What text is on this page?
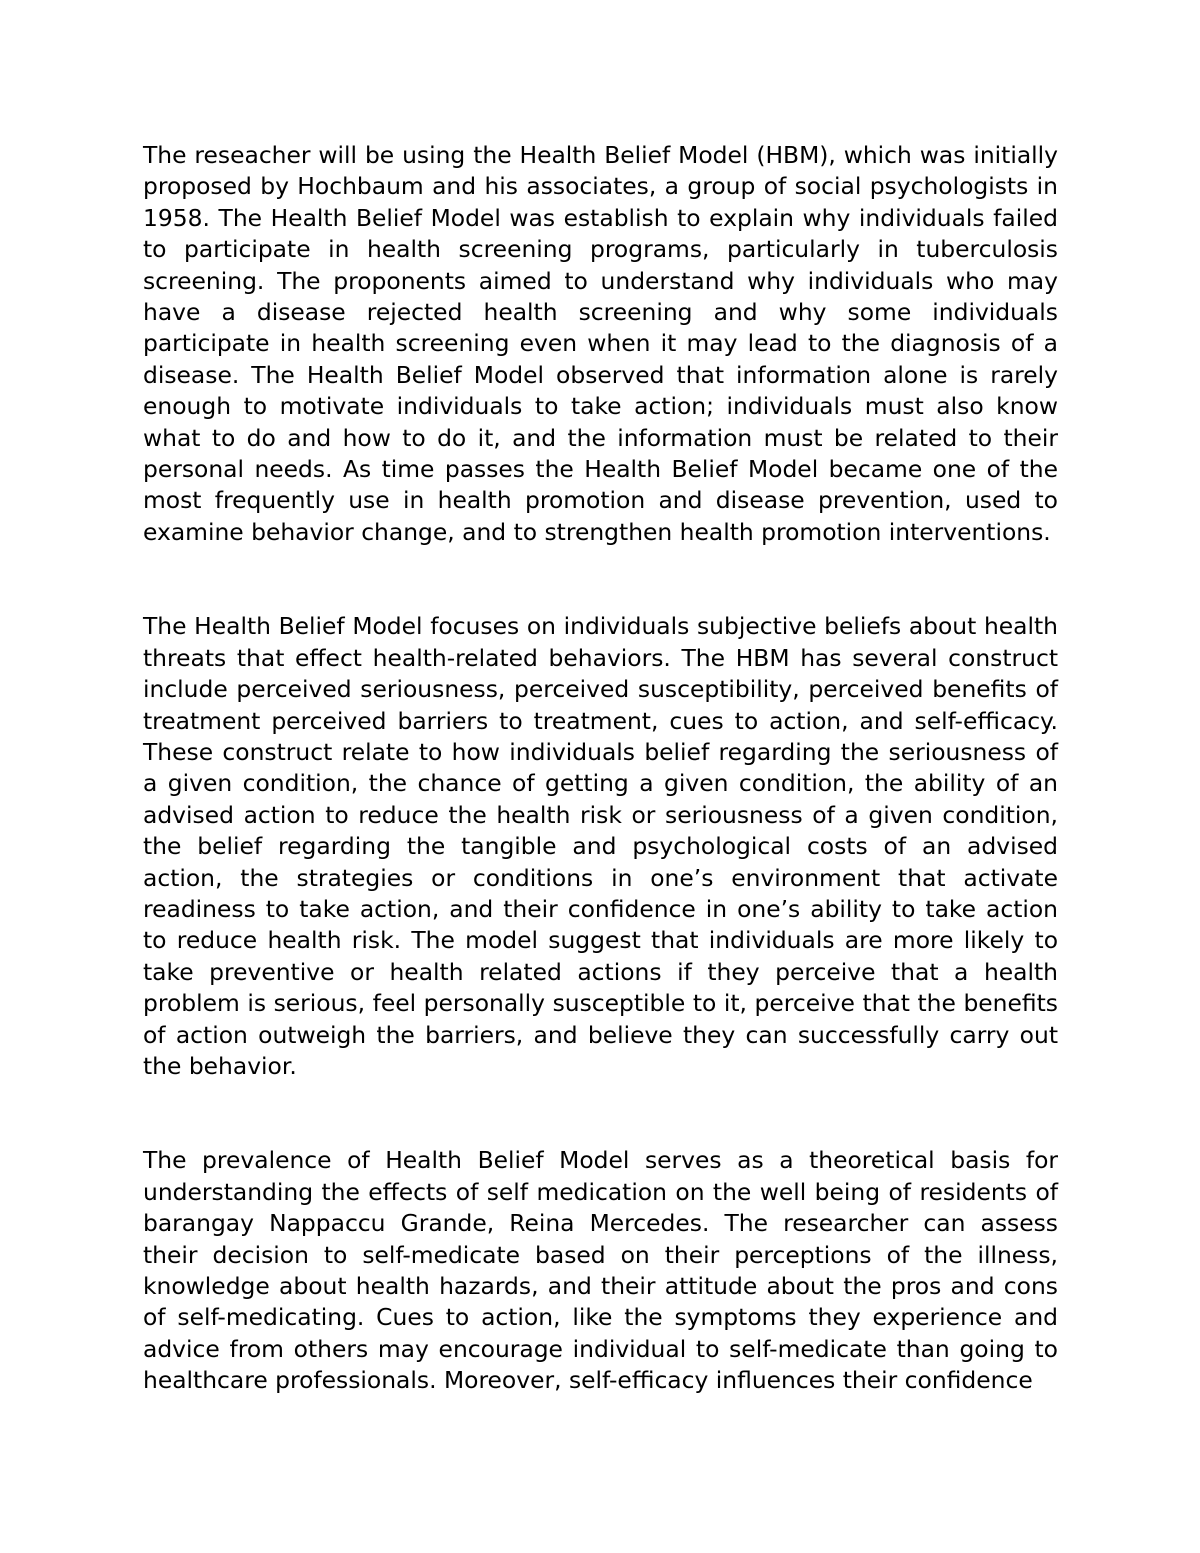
The reseacher will be using the Health Belief Model (HBM), which was initially proposed by Hochbaum and his associates, a group of social psychologists in 1958. The Health Belief Model was establish to explain why individuals failed to participate in health screening programs, particularly in tuberculosis screening. The proponents aimed to understand why individuals who may have a disease rejected health screening and why some individuals participate in health screening even when it may lead to the diagnosis of a disease. The Health Belief Model observed that information alone is rarely enough to motivate individuals to take action; individuals must also know what to do and how to do it, and the information must be related to their personal needs. As time passes the Health Belief Model became one of the most frequently use in health promotion and disease prevention, used to examine behavior change, and to strengthen health promotion interventions.

The Health Belief Model focuses on individuals subjective beliefs about health threats that effect health-related behaviors. The HBM has several construct include perceived seriousness, perceived susceptibility, perceived benefits of treatment perceived barriers to treatment, cues to action, and self-efficacy. These construct relate to how individuals belief regarding the seriousness of a given condition, the chance of getting a given condition, the ability of an advised action to reduce the health risk or seriousness of a given condition, the belief regarding the tangible and psychological costs of an advised action, the strategies or conditions in one’s environment that activate readiness to take action, and their confidence in one’s ability to take action to reduce health risk. The model suggest that individuals are more likely to take preventive or health related actions if they perceive that a health problem is serious, feel personally susceptible to it, perceive that the benefits of action outweigh the barriers, and believe they can successfully carry out the behavior.

The prevalence of Health Belief Model serves as a theoretical basis for understanding the effects of self medication on the well being of residents of barangay Nappaccu Grande, Reina Mercedes. The researcher can assess their decision to self-medicate based on their perceptions of the illness, knowledge about health hazards, and their attitude about the pros and cons of self-medicating. Cues to action, like the symptoms they experience and advice from others may encourage individual to self-medicate than going to healthcare professionals. Moreover, self-efficacy influences their confidence
